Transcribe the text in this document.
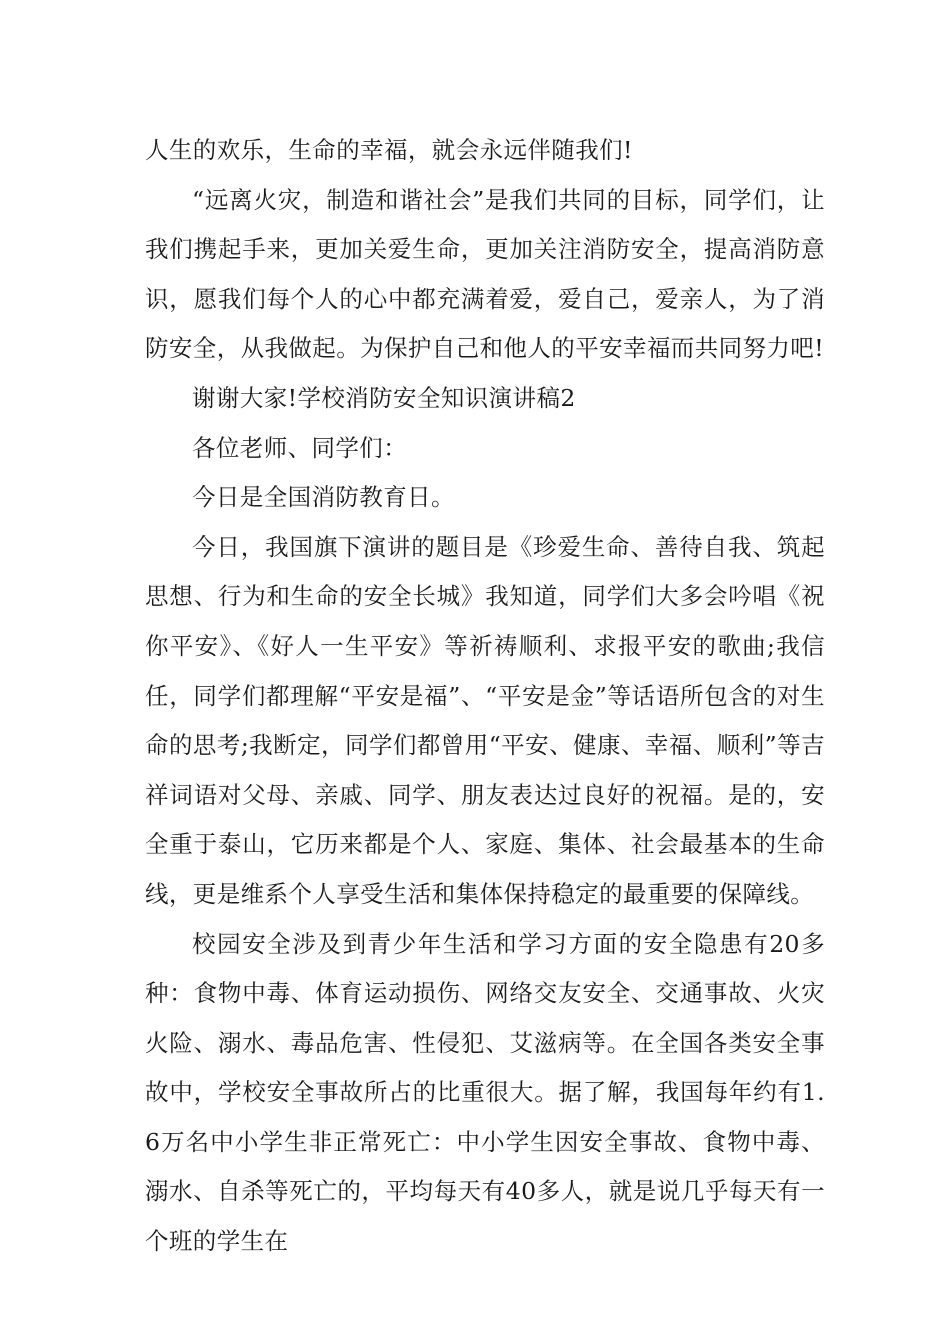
人生的欢乐，生命的幸福，就会永远伴随我们!

“远离火灾，制造和谐社会”是我们共同的目标，同学们，让我们携起手来，更加关爱生命，更加关注消防安全，提高消防意识，愿我们每个人的心中都充满着爱，爱自己，爱亲人，为了消防安全，从我做起。为保护自己和他人的平安幸福而共同努力吧!

谢谢大家!学校消防安全知识演讲稿2

各位老师、同学们：

今日是全国消防教育日。

今日，我国旗下演讲的题目是《珍爱生命、善待自我、筑起思想、行为和生命的安全长城》我知道，同学们大多会吟唱《祝你平安》、《好人一生平安》等祈祷顺利、求报平安的歌曲;我信任，同学们都理解“平安是福”、“平安是金”等话语所包含的对生命的思考;我断定，同学们都曾用“平安、健康、幸福、顺利”等吉祥词语对父母、亲戚、同学、朋友表达过良好的祝福。是的，安全重于泰山，它历来都是个人、家庭、集体、社会最基本的生命线，更是维系个人享受生活和集体保持稳定的最重要的保障线。

校园安全涉及到青少年生活和学习方面的安全隐患有20多种：食物中毒、体育运动损伤、网络交友安全、交通事故、火灾火险、溺水、毒品危害、性侵犯、艾滋病等。在全国各类安全事故中，学校安全事故所占的比重很大。据了解，我国每年约有1.6万名中小学生非正常死亡：中小学生因安全事故、食物中毒、溺水、自杀等死亡的，平均每天有40多人，就是说几乎每天有一个班的学生在
